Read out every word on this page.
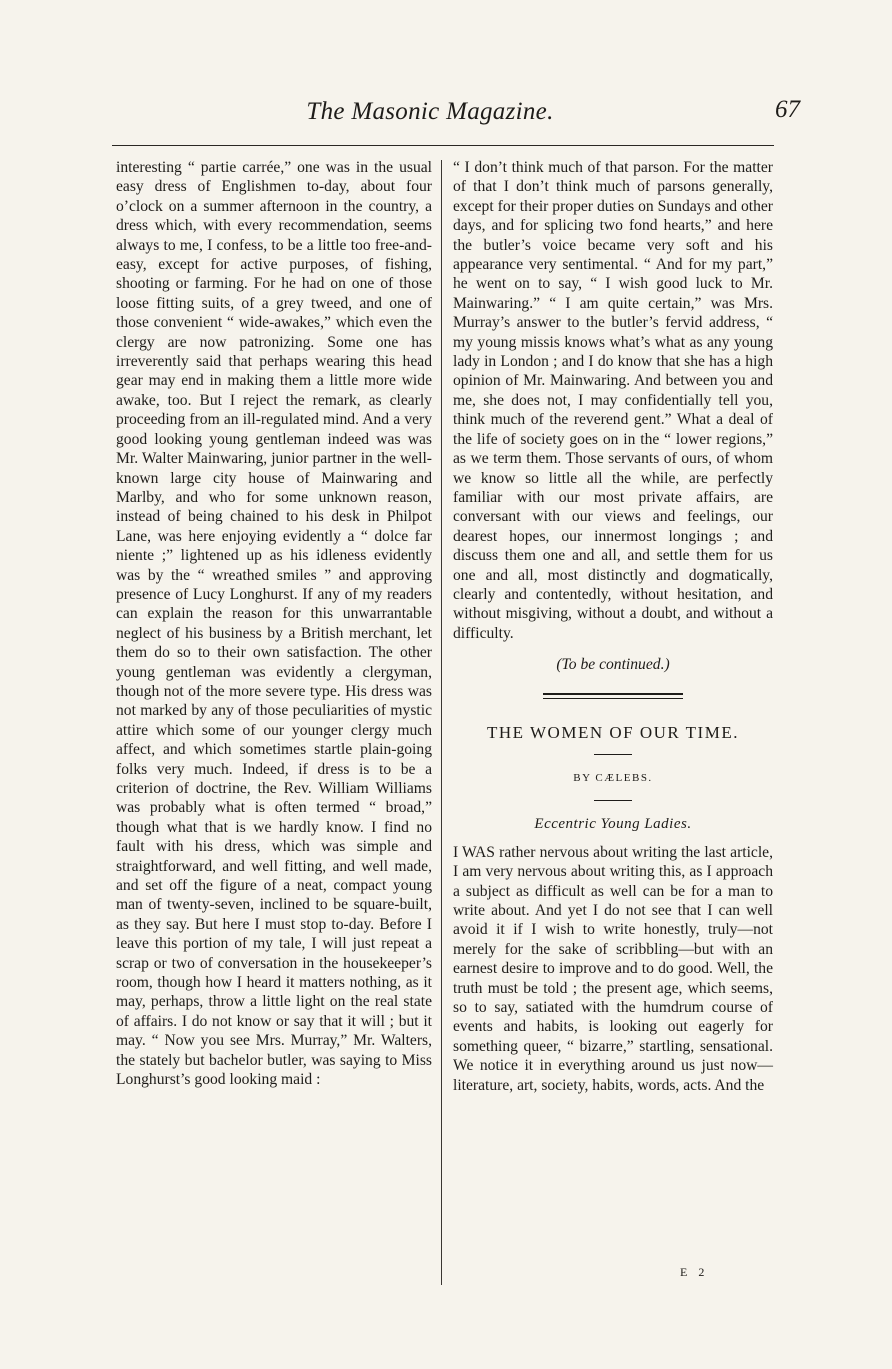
The Masonic Magazine.	67

interesting “ partie carrée,” one was in the usual easy dress of Englishmen to-day, about four o’clock on a summer afternoon in the country, a dress which, with every recommendation, seems always to me, I confess, to be a little too free-and-easy, except for active purposes, of fishing, shooting or farming. For he had on one of those loose fitting suits, of a grey tweed, and one of those convenient “ wide-awakes,” which even the clergy are now patronizing. Some one has irreverently said that perhaps wearing this head gear may end in making them a little more wide awake, too. But I reject the remark, as clearly proceeding from an ill-regulated mind. And a very good looking young gentleman indeed was was Mr. Walter Mainwaring, junior partner in the well-known large city house of Mainwaring and Marlby, and who for some unknown reason, instead of being chained to his desk in Philpot Lane, was here enjoying evidently a “ dolce far niente ;” lightened up as his idleness evidently was by the “ wreathed smiles ” and approving presence of Lucy Longhurst. If any of my readers can explain the reason for this unwarrantable neglect of his business by a British merchant, let them do so to their own satisfaction. The other young gentleman was evidently a clergyman, though not of the more severe type. His dress was not marked by any of those peculiarities of mystic attire which some of our younger clergy much affect, and which sometimes startle plain-going folks very much. Indeed, if dress is to be a criterion of doctrine, the Rev. William Williams was probably what is often termed “ broad,” though what that is we hardly know. I find no fault with his dress, which was simple and straightforward, and well fitting, and well made, and set off the figure of a neat, compact young man of twenty-seven, inclined to be square-built, as they say. But here I must stop to-day. Before I leave this portion of my tale, I will just repeat a scrap or two of conversation in the housekeeper’s room, though how I heard it matters nothing, as it may, perhaps, throw a little light on the real state of affairs. I do not know or say that it will ; but it may. “ Now you see Mrs. Murray,” Mr. Walters, the stately but bachelor butler, was saying to Miss Longhurst’s good looking maid :

“ I don’t think much of that parson. For the matter of that I don’t think much of parsons generally, except for their proper duties on Sundays and other days, and for splicing two fond hearts,” and here the butler’s voice became very soft and his appearance very sentimental. “ And for my part,” he went on to say, “ I wish good luck to Mr. Mainwaring.” “ I am quite certain,” was Mrs. Murray’s answer to the butler’s fervid address, “ my young missis knows what’s what as any young lady in London ; and I do know that she has a high opinion of Mr. Mainwaring. And between you and me, she does not, I may confidentially tell you, think much of the reverend gent.” What a deal of the life of society goes on in the “ lower regions,” as we term them. Those servants of ours, of whom we know so little all the while, are perfectly familiar with our most private affairs, are conversant with our views and feelings, our dearest hopes, our innermost longings ; and discuss them one and all, and settle them for us one and all, most distinctly and dogmatically, clearly and contentedly, without hesitation, and without misgiving, without a doubt, and without a difficulty.

(To be continued.)
THE WOMEN OF OUR TIME.
BY CÆLEBS.
Eccentric Young Ladies.

I WAS rather nervous about writing the last article, I am very nervous about writing this, as I approach a subject as difficult as well can be for a man to write about. And yet I do not see that I can well avoid it if I wish to write honestly, truly—not merely for the sake of scribbling—but with an earnest desire to improve and to do good. Well, the truth must be told ; the present age, which seems, so to say, satiated with the humdrum course of events and habits, is looking out eagerly for something queer, “ bizarre,” startling, sensational. We notice it in everything around us just now—literature, art, society, habits, words, acts. And the

E 2
